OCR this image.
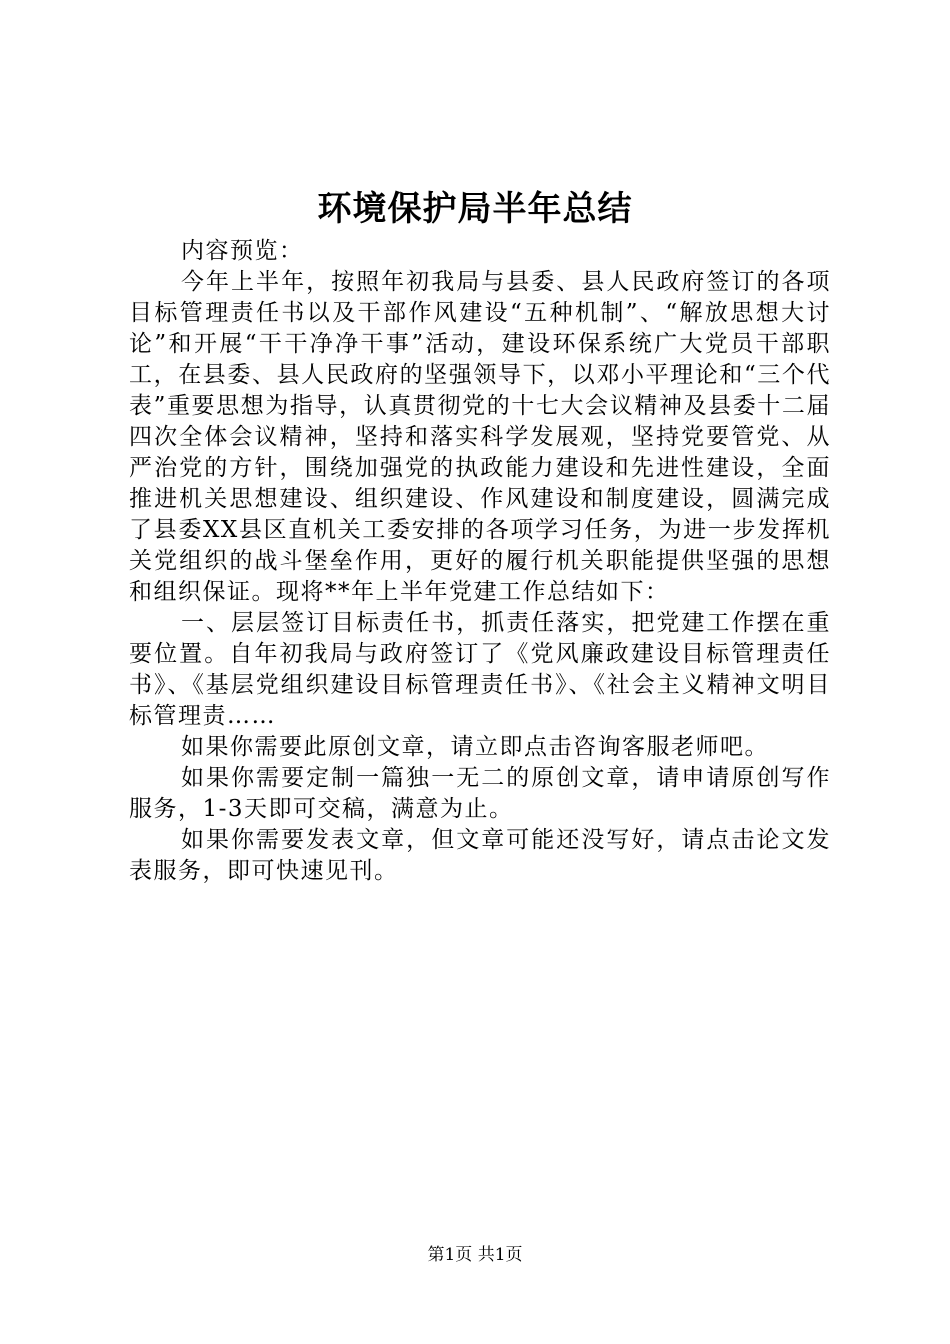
环境保护局半年总结

内容预览：

今年上半年，按照年初我局与县委、县人民政府签订的各项目标管理责任书以及干部作风建设“五种机制”、“解放思想大讨论”和开展“干干净净干事”活动，建设环保系统广大党员干部职工，在县委、县人民政府的坚强领导下，以邓小平理论和“三个代表”重要思想为指导，认真贯彻党的十七大会议精神及县委十二届四次全体会议精神，坚持和落实科学发展观，坚持党要管党、从严治党的方针，围绕加强党的执政能力建设和先进性建设，全面推进机关思想建设、组织建设、作风建设和制度建设，圆满完成了县委XX县区直机关工委安排的各项学习任务，为进一步发挥机关党组织的战斗堡垒作用，更好的履行机关职能提供坚强的思想和组织保证。现将**年上半年党建工作总结如下：

一、层层签订目标责任书，抓责任落实，把党建工作摆在重要位置。自年初我局与政府签订了《党风廉政建设目标管理责任书》、《基层党组织建设目标管理责任书》、《社会主义精神文明目标管理责……

如果你需要此原创文章，请立即点击咨询客服老师吧。

如果你需要定制一篇独一无二的原创文章，请申请原创写作服务，1-3天即可交稿，满意为止。

如果你需要发表文章，但文章可能还没写好，请点击论文发表服务，即可快速见刊。

第1页 共1页
